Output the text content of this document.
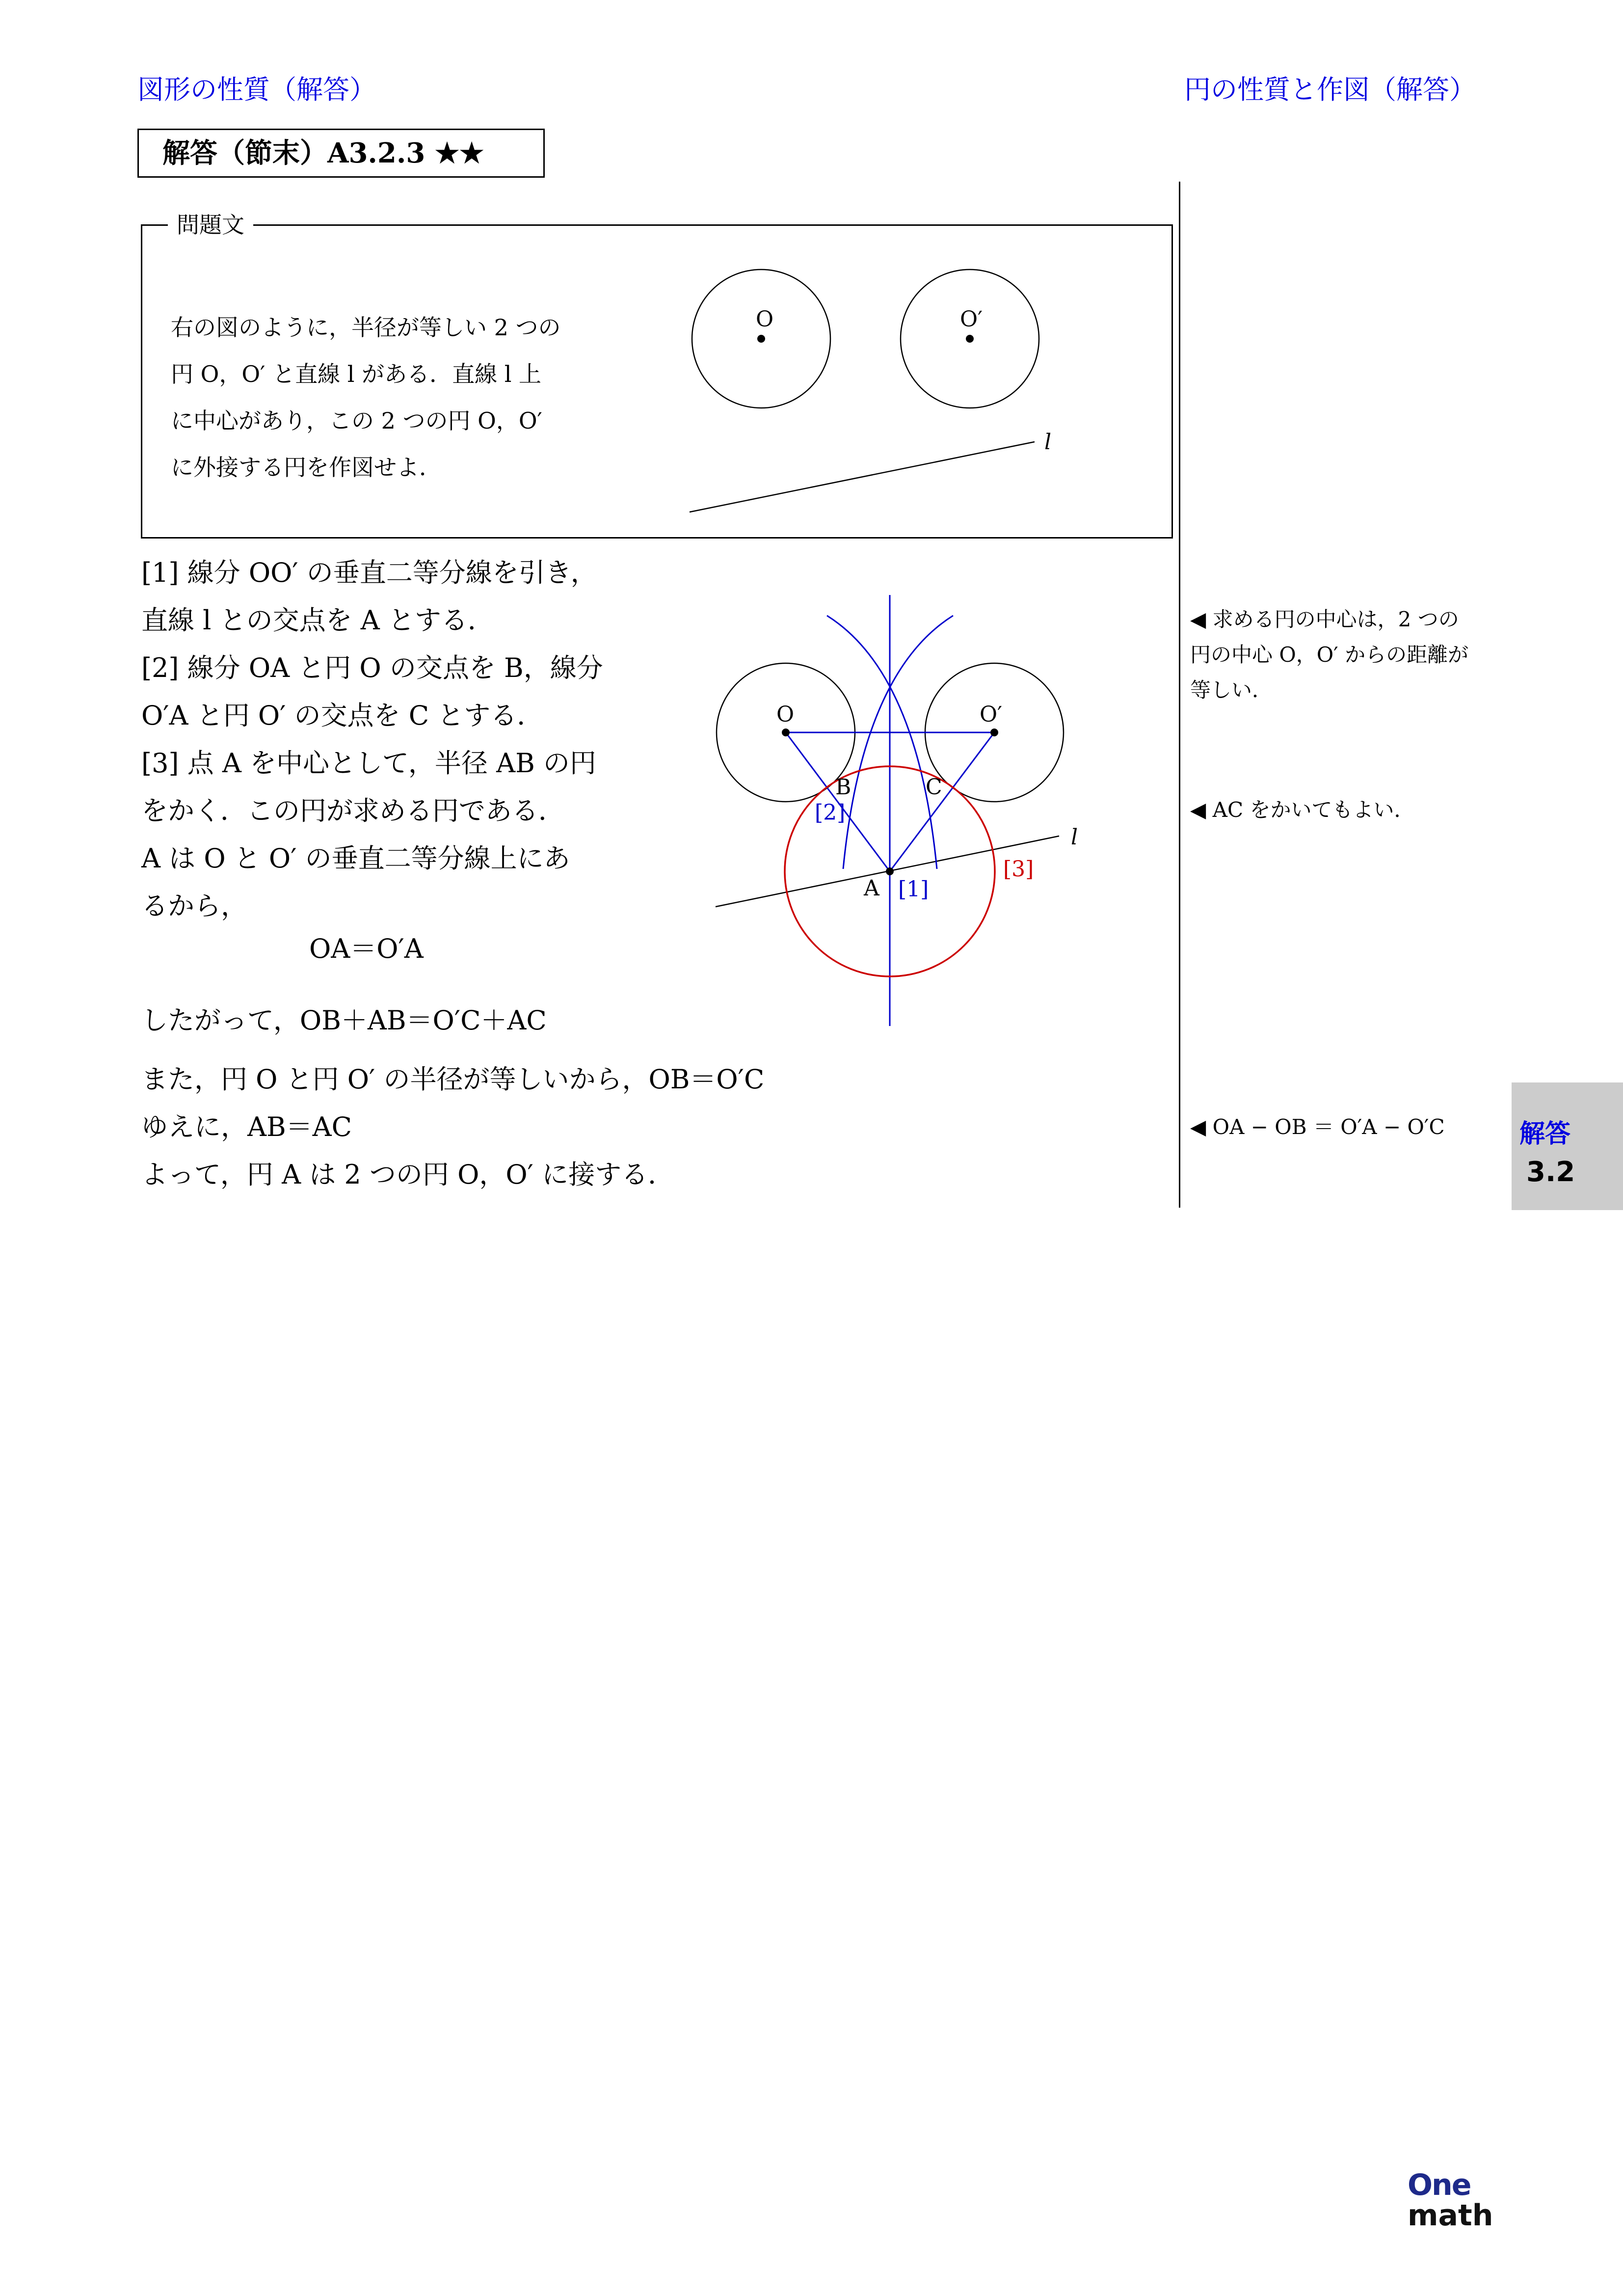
図形の性質（解答）	円の性質と作図（解答）
解答（節末）A3.2.3 ★★
問題文
右の図のように，半径が等しい 2 つの
円 O，O′ と直線 l がある．直線 l 上
に中心があり，この 2 つの円 O，O′
に外接する円を作図せよ．
O	O′
l
[1] 線分 OO′ の垂直二等分線を引き，
直線 l との交点を A とする．
[2] 線分 OA と円 O の交点を B，線分
O′A と円 O′ の交点を C とする．
[3] 点 A を中心として，半径 AB の円
をかく．この円が求める円である．
A は O と O′ の垂直二等分線上にあ
るから，
OA＝O′A
したがって，OB＋AB＝O′C＋AC
また，円 O と円 O′ の半径が等しいから，OB＝O′C
ゆえに，AB＝AC
よって，円 A は 2 つの円 O，O′ に接する．
l
O	O′
B	C
A [1]
[2]
[3]
◀ 求める円の中心は，2 つの
円の中心 O，O′ からの距離が
等しい．
◀ AC をかいてもよい．
◀ OA − OB ＝ O′A − O′C	解答
3.2
One
math
